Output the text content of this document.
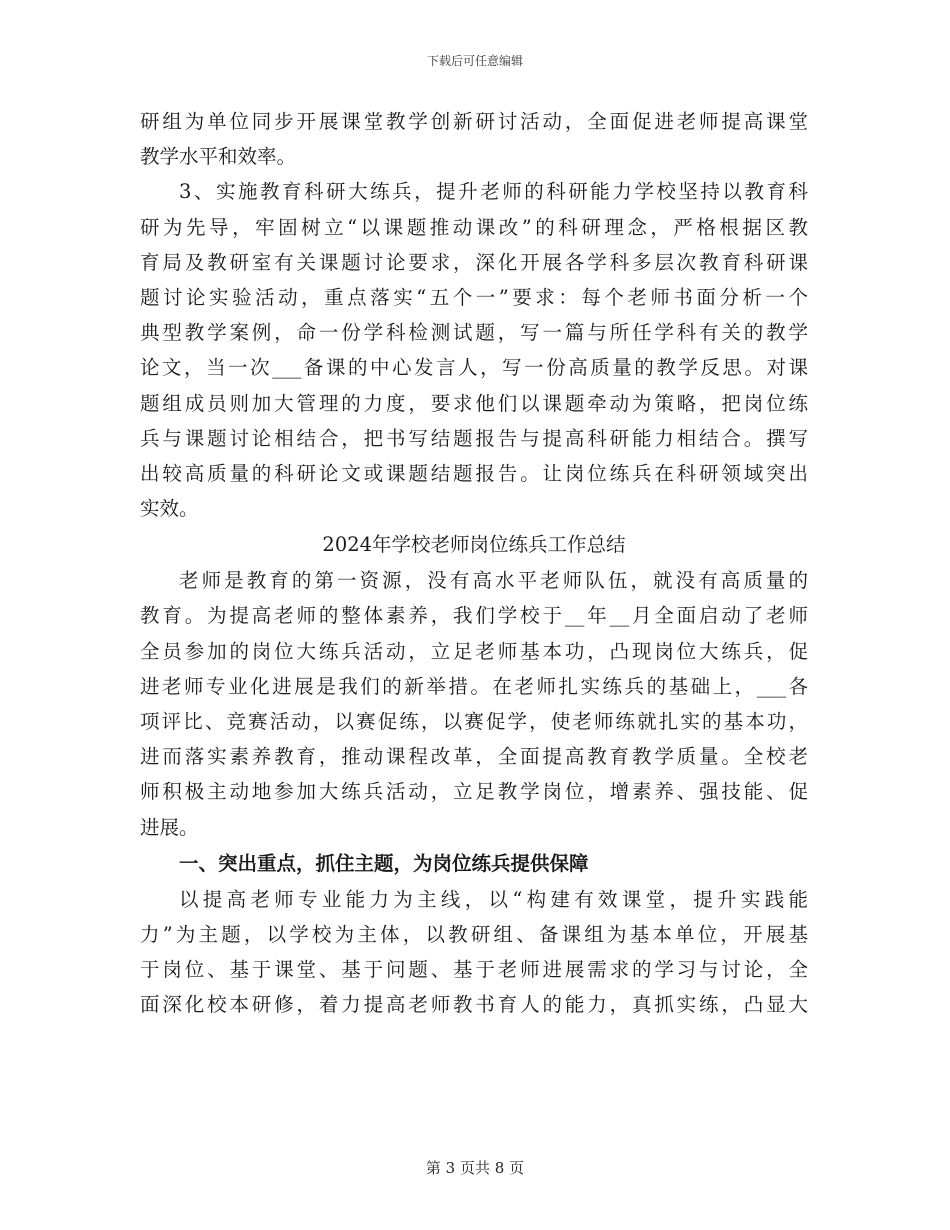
下载后可任意编辑
研组为单位同步开展课堂教学创新研讨活动，全面促进老师提高课堂
教学水平和效率。
3、实施教育科研大练兵，提升老师的科研能力学校坚持以教育科
研为先导，牢固树立“以课题推动课改”的科研理念，严格根据区教
育局及教研室有关课题讨论要求，深化开展各学科多层次教育科研课
题讨论实验活动，重点落实“五个一”要求：每个老师书面分析一个
典型教学案例，命一份学科检测试题，写一篇与所任学科有关的教学
论文，当一次___备课的中心发言人，写一份高质量的教学反思。对课
题组成员则加大管理的力度，要求他们以课题牵动为策略，把岗位练
兵与课题讨论相结合，把书写结题报告与提高科研能力相结合。撰写
出较高质量的科研论文或课题结题报告。让岗位练兵在科研领域突出
实效。
2024年学校老师岗位练兵工作总结
老师是教育的第一资源，没有高水平老师队伍，就没有高质量的
教育。为提高老师的整体素养，我们学校于__年__月全面启动了老师
全员参加的岗位大练兵活动，立足老师基本功，凸现岗位大练兵，促
进老师专业化进展是我们的新举措。在老师扎实练兵的基础上，___各
项评比、竞赛活动，以赛促练，以赛促学，使老师练就扎实的基本功，
进而落实素养教育，推动课程改革，全面提高教育教学质量。全校老
师积极主动地参加大练兵活动，立足教学岗位，增素养、强技能、促
进展。
一、突出重点，抓住主题，为岗位练兵提供保障
以提高老师专业能力为主线，以“构建有效课堂，提升实践能
力”为主题，以学校为主体，以教研组、备课组为基本单位，开展基
于岗位、基于课堂、基于问题、基于老师进展需求的学习与讨论，全
面深化校本研修，着力提高老师教书育人的能力，真抓实练，凸显大
第 3 页共 8 页
